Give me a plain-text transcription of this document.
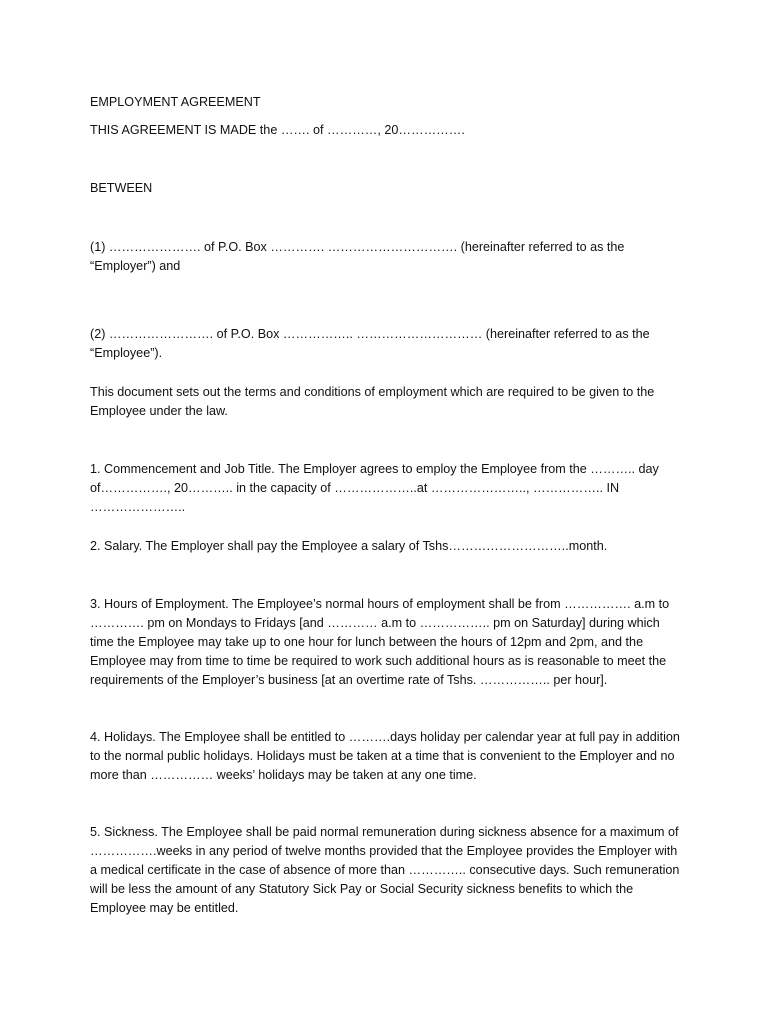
EMPLOYMENT AGREEMENT

THIS AGREEMENT IS MADE the ……. of …………, 20…………….

BETWEEN

(1) …………………. of P.O. Box …………. …………………………. (hereinafter referred to as the “Employer”) and

(2) ……………………. of P.O. Box …………….. ………………………… (hereinafter referred to as the “Employee”).

This document sets out the terms and conditions of employment which are required to be given to the Employee under the law.

1. Commencement and Job Title. The Employer agrees to employ the Employee from the ……….. day of……………., 20……….. in the capacity of ………………..at ………………….., …………….. IN …………………..

2. Salary. The Employer shall pay the Employee a salary of Tshs………………………..month.

3. Hours of Employment. The Employee’s normal hours of employment shall be from ……………. a.m to …………. pm on Mondays to Fridays [and ………… a.m to …………….. pm on Saturday] during which time the Employee may take up to one hour for lunch between the hours of 12pm and 2pm, and the Employee may from time to time be required to work such additional hours as is reasonable to meet the requirements of the Employer’s business [at an overtime rate of Tshs. …………….. per hour].

4. Holidays. The Employee shall be entitled to ……….days holiday per calendar year at full pay in addition to the normal public holidays. Holidays must be taken at a time that is convenient to the Employer and no more than …………… weeks’ holidays may be taken at any one time.

5. Sickness. The Employee shall be paid normal remuneration during sickness absence for a maximum of …………….weeks in any period of twelve months provided that the Employee provides the Employer with a medical certificate in the case of absence of more than ………….. consecutive days. Such remuneration will be less the amount of any Statutory Sick Pay or Social Security sickness benefits to which the Employee may be entitled.
